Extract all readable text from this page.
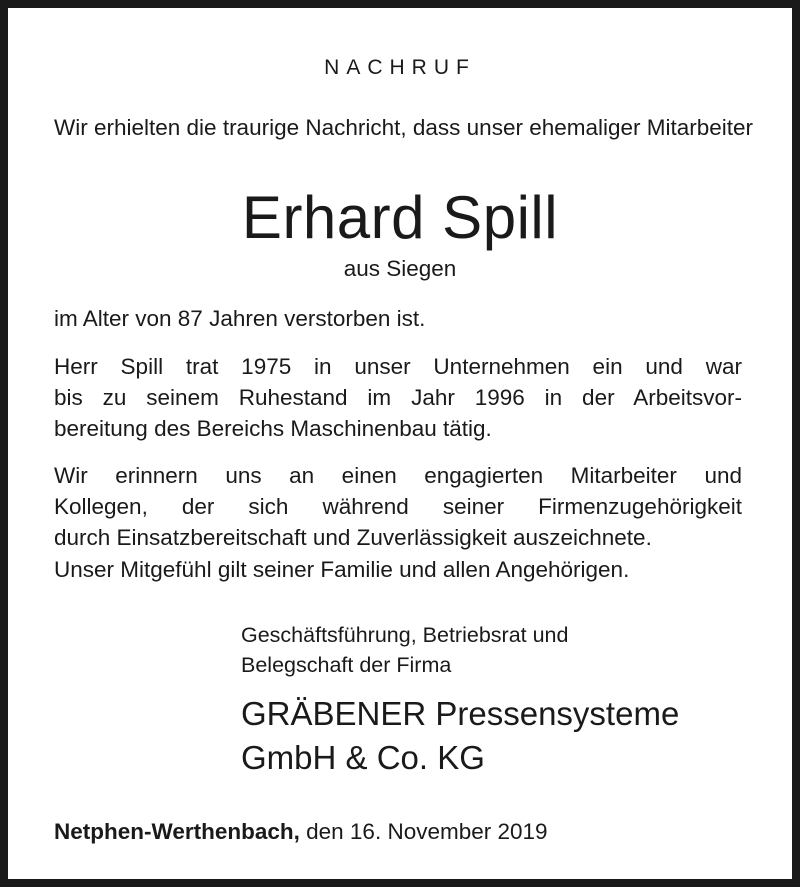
NACHRUF
Wir erhielten die traurige Nachricht, dass unser ehemaliger Mitarbeiter
Erhard Spill
aus Siegen
im Alter von 87 Jahren verstorben ist.
Herr Spill trat 1975 in unser Unternehmen ein und war
bis zu seinem Ruhestand im Jahr 1996 in der Arbeitsvor-
bereitung des Bereichs Maschinenbau tätig.
Wir erinnern uns an einen engagierten Mitarbeiter und
Kollegen, der sich während seiner Firmenzugehörigkeit
durch Einsatzbereitschaft und Zuverlässigkeit auszeichnete.
Unser Mitgefühl gilt seiner Familie und allen Angehörigen.
Geschäftsführung, Betriebsrat und
Belegschaft der Firma
GRÄBENER Pressensysteme
GmbH & Co. KG
Netphen-Werthenbach, den 16. November 2019
